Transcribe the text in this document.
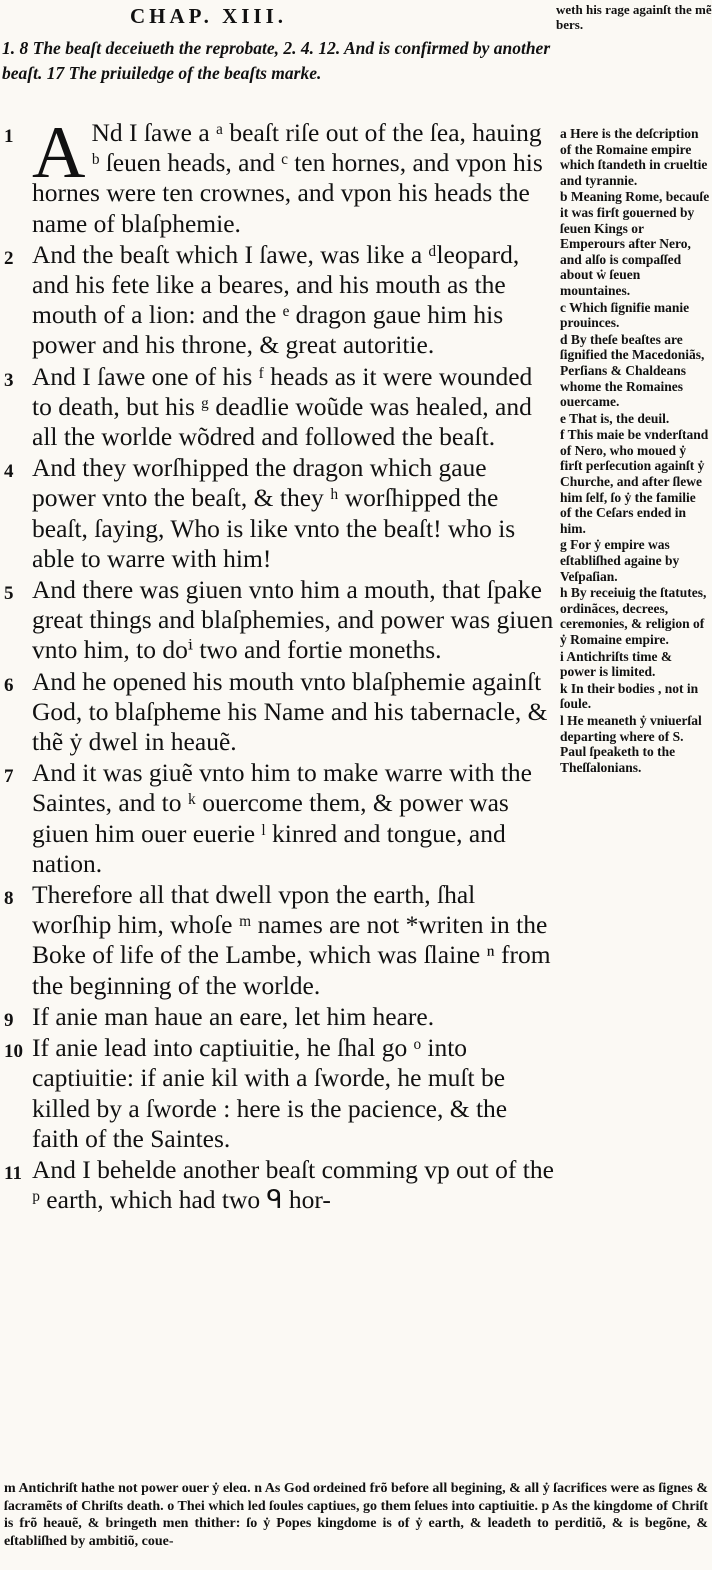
CHAP. XIII.	weth his rage againſt the mẽ bers.
1. 8 The beaſt deceiueth the reprobate, 2. 4. 12. And is confirmed by another beaſt. 17 The priuiledge of the beaſts marke.
1 A Nd I ſawe a ᵃ beaſt riſe out of the ſea, hauing ᵇ ſeuen heads, and ᶜ ten hornes, and vpon his hornes were ten crownes, and vpon his heads the name of blaſphemie.
2 And the beaſt which I ſawe, was like a ᵈleopard, and his fete like a beares, and his mouth as the mouth of a lion: and the ᵉ dragon gaue him his power and his throne, & great autoritie.
3 And I ſawe one of his ᶠ heads as it were wounded to death, but his ᵍ deadlie woũde was healed, and all the worlde wõdred and followed the beaſt.
4 And they worſhipped the dragon which gaue power vnto the beaſt, & they ʰ worſhipped the beaſt, ſaying, Who is like vnto the beaſt! who is able to warre with him!
5 And there was giuen vnto him a mouth, that ſpake great things and blaſphemies, and power was giuen vnto him, to doⁱ two and fortie moneths.
6 And he opened his mouth vnto blaſphemie againſt God, to blaſpheme his Name and his tabernacle, & thẽ ẏ dwel in heauẽ.
7 And it was giuẽ vnto him to make warre with the Saintes, and to ᵏ ouercome them, & power was giuen him ouer euerie ˡ kinred and tongue, and nation.
8 Therefore all that dwell vpon the earth, ſhal worſhip him, whoſe ᵐ names are not *writen in the Boke of life of the Lambe, which was ſlaine ⁿ from the beginning of the worlde.
9 If anie man haue an eare, let him heare.
10 If anie lead into captiuitie, he ſhal go ᵒ into captiuitie: if anie kil with a ſworde, he muſt be killed by a ſworde : here is the pacience, & the faith of the Saintes.
11 And I behelde another beaſt comming vp out of the ᵖ earth, which had two ᑫ hor-
a Here is the deſcription of the Romaine empire which ſtandeth in crueltie and tyrannie.
b Meaning Rome, becauſe it was firſt gouerned by ſeuen Kings or Emperours after Nero, and alſo is compaſſed about ẇ ſeuen mountaines.
c Which ſignifie manie prouinces.
d By theſe beaſtes are ſignified the Macedoniãs, Perſians & Chaldeans whome the Romaines ouercame.
e That is, the deuil.
f This maie be vnderſtand of Nero, who moued ẏ firſt perſecution againſt ẏ Churche, and after ſlewe him ſelf, ſo ẏ the familie of the Ceſars ended in him.
g For ẏ empire was eſtabliſhed againe by Veſpaſian.
h By receiuig the ſtatutes, ordinãces, decrees, ceremonies, & religion of ẏ Romaine empire.
i Antichriſts time & power is limited.
k In their bodies , not in ſoule.
l He meaneth ẏ vniuerſal departing where of S. Paul ſpeaketh to the Theſſalonians.
m Antichriſt hathe not power ouer ẏ eleɑ. n As God ordeined frõ before all begining, & all ẏ ſacrifices were as ſignes & ſacramẽts of Chriſts death. o Thei which led ſoules captiues, go them ſelues into captiuitie. p As the kingdome of Chriſt is frõ heauẽ, & bringeth men thither: ſo ẏ Popes kingdome is of ẏ earth, & leadeth to perditiõ, & is begõne, & eſtabliſhed by ambitiõ, coue-
